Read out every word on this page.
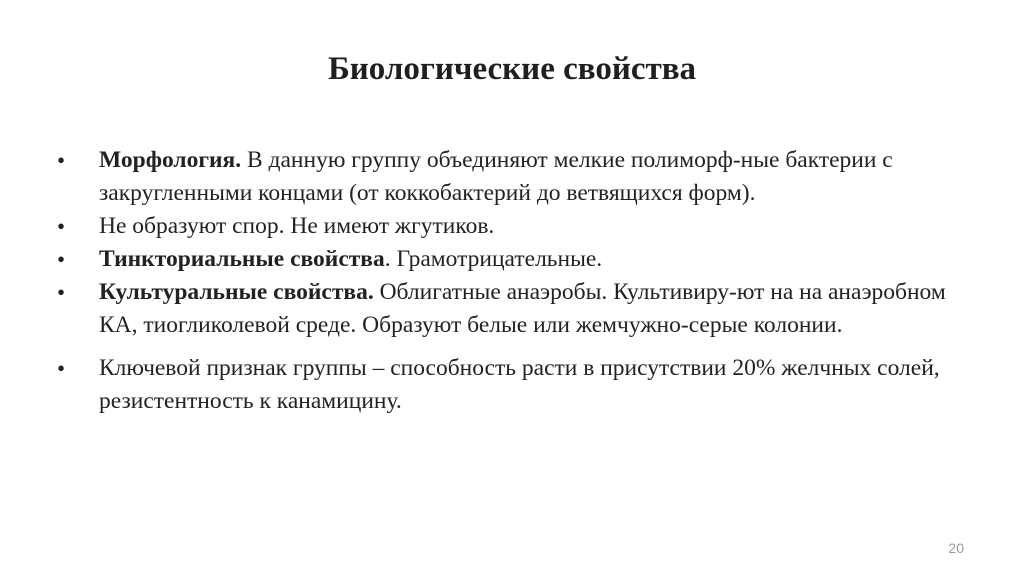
Биологические свойства
•	Морфология. В данную группу объединяют мелкие полиморф-ные бактерии с закругленными концами (от коккобактерий до ветвящихся форм).
•	Не образуют спор. Не имеют жгутиков.
•	Тинкториальные свойства. Грамотрицательные.
•	Культуральные свойства. Облигатные анаэробы. Культивиру-ют на на анаэробном КА, тиогликолевой среде. Образуют белые или жемчужно-серые колонии.
•	Ключевой признак группы – способность расти в присутствии 20% желчных солей, резистентность к канамицину.
20
